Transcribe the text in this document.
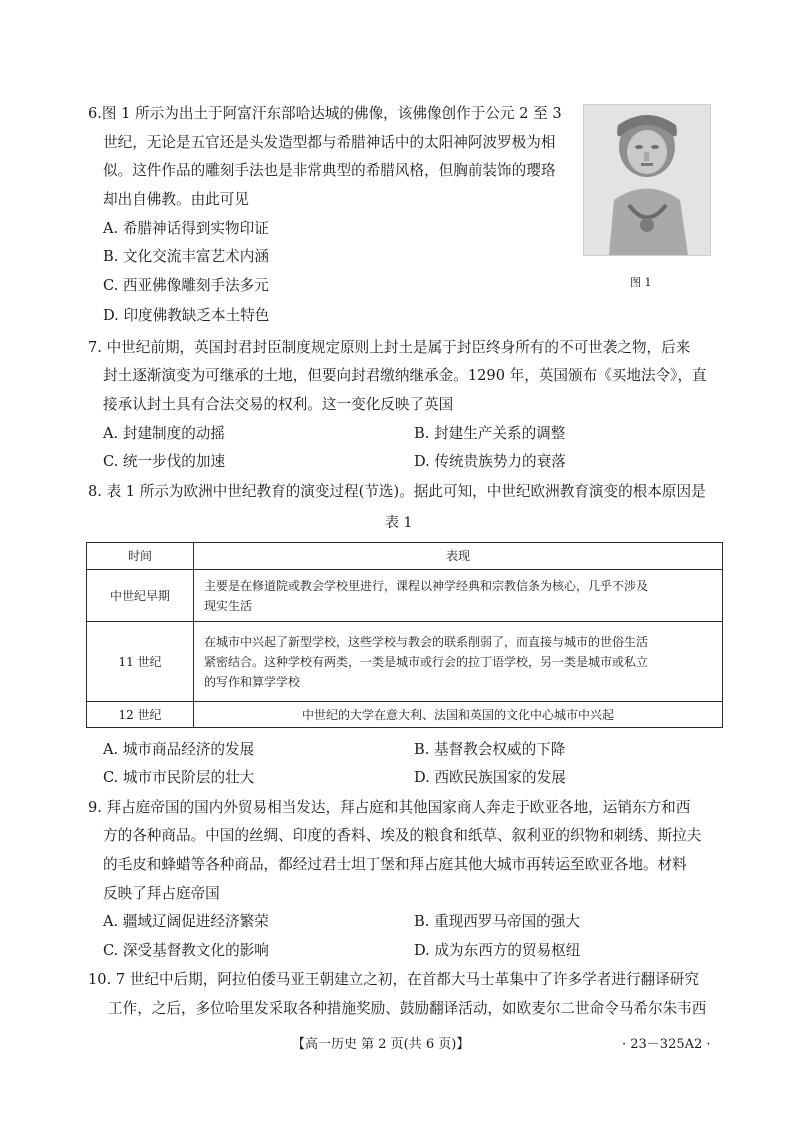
6.图 1 所示为出土于阿富汗东部哈达城的佛像，该佛像创作于公元 2 至 3
世纪，无论是五官还是头发造型都与希腊神话中的太阳神阿波罗极为相
似。这件作品的雕刻手法也是非常典型的希腊风格，但胸前装饰的璎珞
却出自佛教。由此可见
A. 希腊神话得到实物印证
B. 文化交流丰富艺术内涵
C. 西亚佛像雕刻手法多元
D. 印度佛教缺乏本土特色
图 1
7. 中世纪前期，英国封君封臣制度规定原则上封土是属于封臣终身所有的不可世袭之物，后来
封土逐渐演变为可继承的土地，但要向封君缴纳继承金。1290 年，英国颁布《买地法令》，直
接承认封土具有合法交易的权利。这一变化反映了英国
A. 封建制度的动摇	B. 封建生产关系的调整
C. 统一步伐的加速	D. 传统贵族势力的衰落
8. 表 1 所示为欧洲中世纪教育的演变过程(节选)。据此可知，中世纪欧洲教育演变的根本原因是
表 1
时间	表现
中世纪早期	主要是在修道院或教会学校里进行，课程以神学经典和宗教信条为核心，几乎不涉及
现实生活

11 世纪	在城市中兴起了新型学校，这些学校与教会的联系削弱了，而直接与城市的世俗生活
紧密结合。这种学校有两类，一类是城市或行会的拉丁语学校，另一类是城市或私立
的写作和算学学校

12 世纪	中世纪的大学在意大利、法国和英国的文化中心城市中兴起
A. 城市商品经济的发展	B. 基督教会权威的下降
C. 城市市民阶层的壮大	D. 西欧民族国家的发展
9. 拜占庭帝国的国内外贸易相当发达，拜占庭和其他国家商人奔走于欧亚各地，运销东方和西
方的各种商品。中国的丝绸、印度的香料、埃及的粮食和纸草、叙利亚的织物和刺绣、斯拉夫
的毛皮和蜂蜡等各种商品，都经过君士坦丁堡和拜占庭其他大城市再转运至欧亚各地。材料
反映了拜占庭帝国
A. 疆域辽阔促进经济繁荣	B. 重现西罗马帝国的强大
C. 深受基督教文化的影响	D. 成为东西方的贸易枢纽
10. 7 世纪中后期，阿拉伯倭马亚王朝建立之初，在首都大马士革集中了许多学者进行翻译研究
工作，之后，多位哈里发采取各种措施奖励、鼓励翻译活动，如欧麦尔二世命令马希尔朱韦西
【高一历史 第 2 页(共 6 页)】	· 23－325A2 ·
